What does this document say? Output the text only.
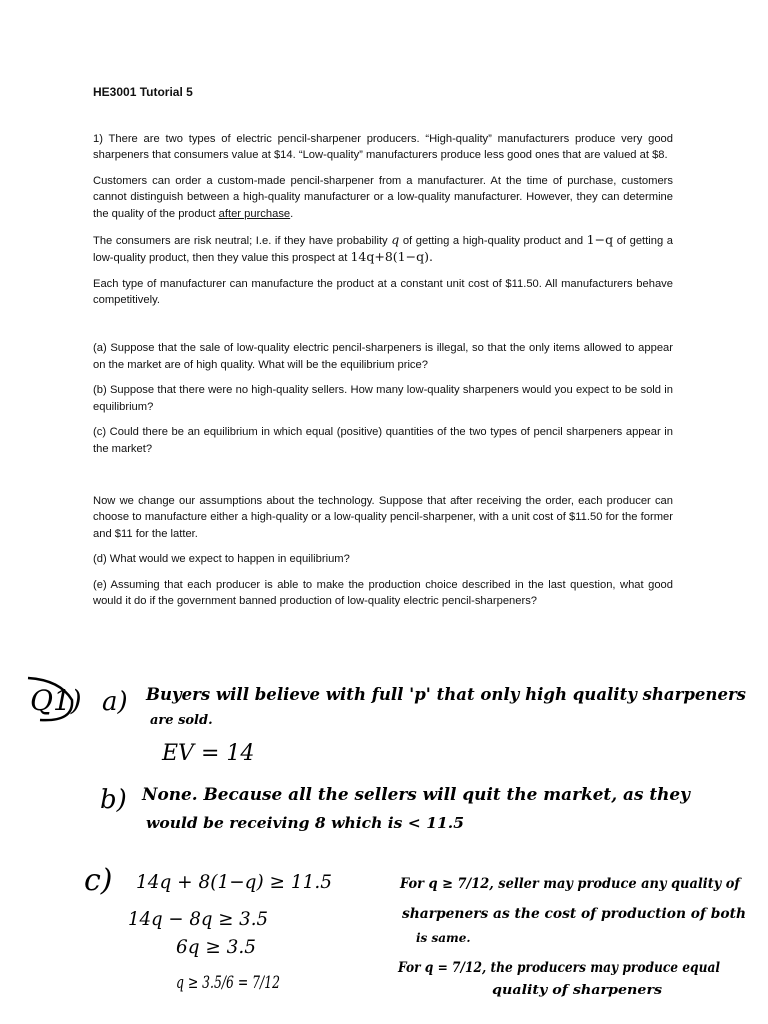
HE3001 Tutorial 5
1) There are two types of electric pencil-sharpener producers. “High-quality” manufacturers produce very good sharpeners that consumers value at $14. “Low-quality” manufacturers produce less good ones that are valued at $8.
Customers can order a custom-made pencil-sharpener from a manufacturer. At the time of purchase, customers cannot distinguish between a high-quality manufacturer or a low-quality manufacturer. However, they can determine the quality of the product after purchase.
The consumers are risk neutral; I.e. if they have probability q of getting a high-quality product and 1−q of getting a low-quality product, then they value this prospect at 14q+8(1−q).
Each type of manufacturer can manufacture the product at a constant unit cost of $11.50. All manufacturers behave competitively.
(a) Suppose that the sale of low-quality electric pencil-sharpeners is illegal, so that the only items allowed to appear on the market are of high quality. What will be the equilibrium price?
(b) Suppose that there were no high-quality sellers. How many low-quality sharpeners would you expect to be sold in equilibrium?
(c) Could there be an equilibrium in which equal (positive) quantities of the two types of pencil sharpeners appear in the market?
Now we change our assumptions about the technology. Suppose that after receiving the order, each producer can choose to manufacture either a high-quality or a low-quality pencil-sharpener, with a unit cost of $11.50 for the former and $11 for the latter.
(d) What would we expect to happen in equilibrium?
(e) Assuming that each producer is able to make the production choice described in the last question, what good would it do if the government banned production of low-quality electric pencil-sharpeners?
Q1) a) Buyers will believe with full 'p' that only high quality sharpeners
are sold.
EV = 14
b) None. Because all the sellers will quit the market, as they
would be receiving 8 which is < 11.5
c) 14q + 8(1−q) ≥ 11.5
14q − 8q ≥ 3.5
6q ≥ 3.5
q ≥ 3.5/6 = 7/12
For q ≥ 7/12, seller may produce any quality of
sharpeners as the cost of production of both
is same.
For q = 7/12, the producers may produce equal
quality of sharpeners
